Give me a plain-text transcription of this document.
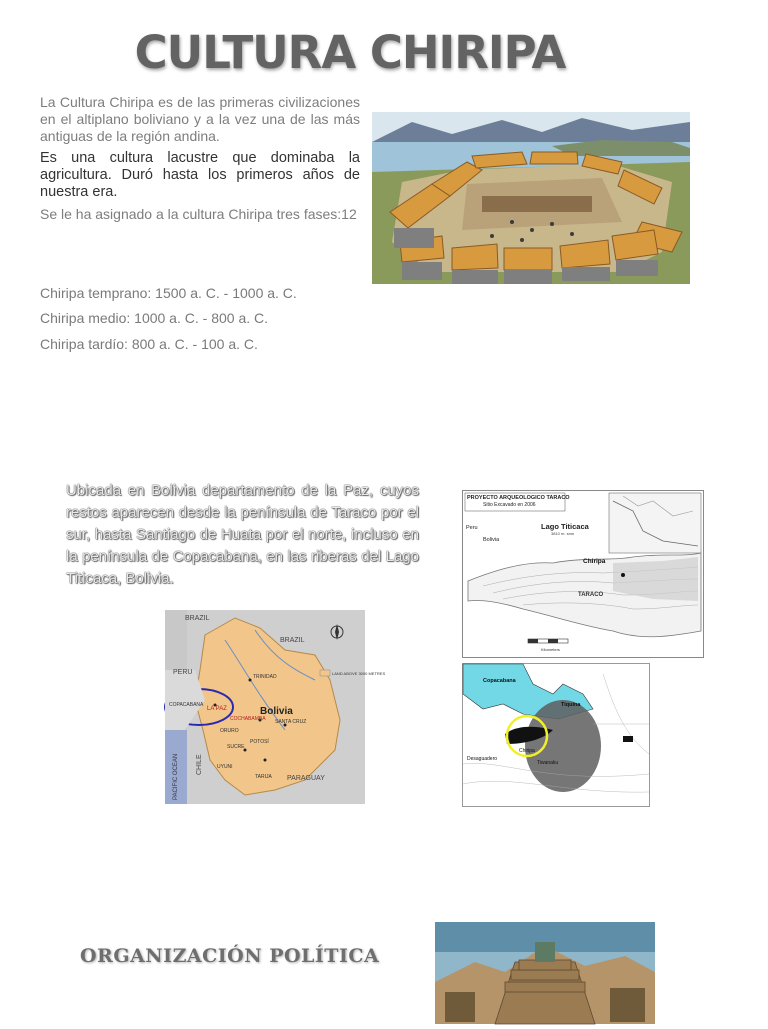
CULTURA CHIRIPA

La Cultura Chiripa es de las primeras civilizaciones en el altiplano boliviano y a la vez una de las más antiguas de la región andina.

Es una cultura lacustre que dominaba la agricultura. Duró hasta los primeros años de nuestra era.

Se le ha asignado a la cultura Chiripa tres fases:12

Chiripa temprano: 1500 a. C. - 1000 a. C.
Chiripa medio: 1000 a. C. - 800 a. C.
Chiripa tardío: 800 a. C. - 100 a. C.
Ubicada en Bolivia departamento de la Paz, cuyos restos aparecen desde la península de Taraco por el sur, hasta Santiago de Huata por el norte, incluso en la península de Copacabana, en las riberas del Lago Titicaca, Bolivia.
BRAZIL
BRAZIL
PERU
CHILE
PARAGUAY
PACIFIC OCEAN
LA PAZ
COPACABANA
TRINIDAD
COCHABAMBA SANTA CRUZ
ORURO
POTOSÍ
SUCRE
TARIJA
UYUNI
Bolivia
LAND ABOVE 3000 METRES
PROYECTO ARQUEOLOGICO TARACO
Sitio Excavado en 2006
Lago Titicaca
3810 m. snm
Peru
Bolivia
Chiripa
TARACO
Kilometers
Copacabana
Tiquina
Chiripa
Desaguadero
Tiwanaku
ORGANIZACIÓN POLÍTICA
